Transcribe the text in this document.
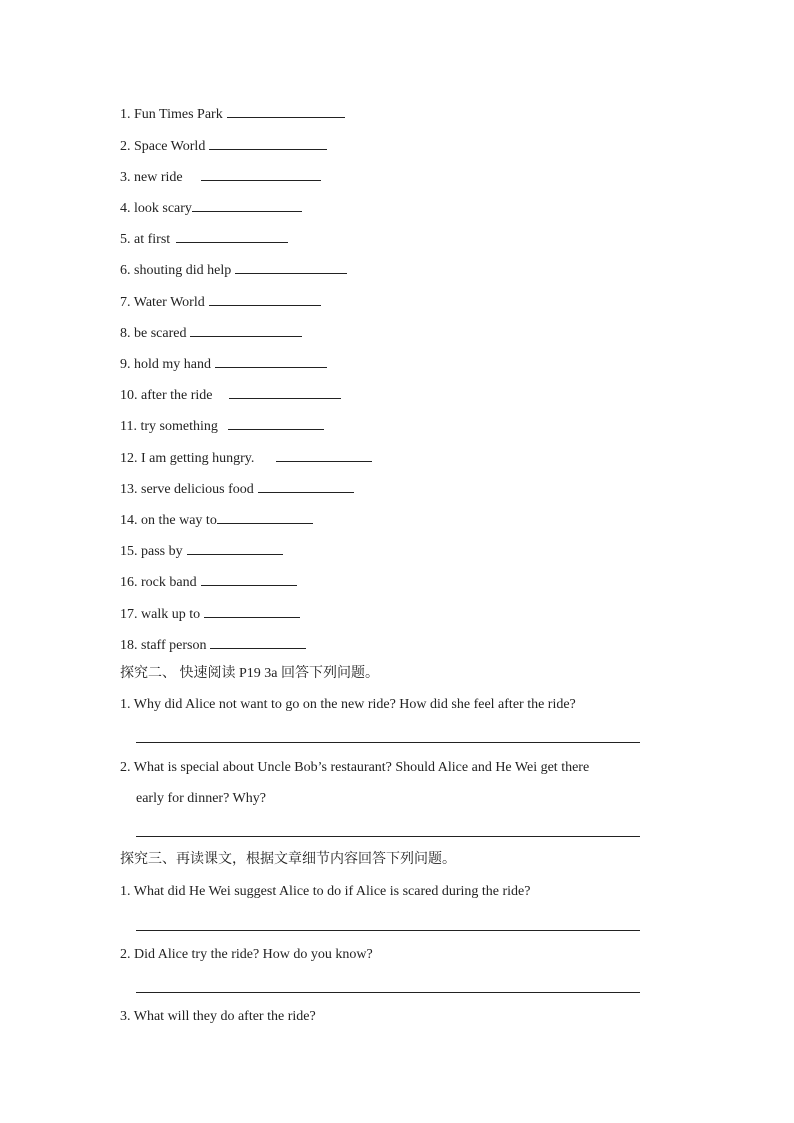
1. Fun Times Park
2. Space World
3. new ride
4. look scary
5. at first
6. shouting did help
7. Water World
8. be scared
9. hold my hand
10. after the ride
11. try something
12. I am getting hungry.
13. serve delicious food
14. on the way to
15. pass by
16. rock band
17. walk up to
18. staff person
探究二、 快速阅读 P19 3a 回答下列问题。
1. Why did Alice not want to go on the new ride? How did she feel after the ride?
2. What is special about Uncle Bob’s restaurant? Should Alice and He Wei get there
early for dinner? Why?
探究三、再读课文，根据文章细节内容回答下列问题。
1. What did He Wei suggest Alice to do if Alice is scared during the ride?
2. Did Alice try the ride? How do you know?
3. What will they do after the ride?
